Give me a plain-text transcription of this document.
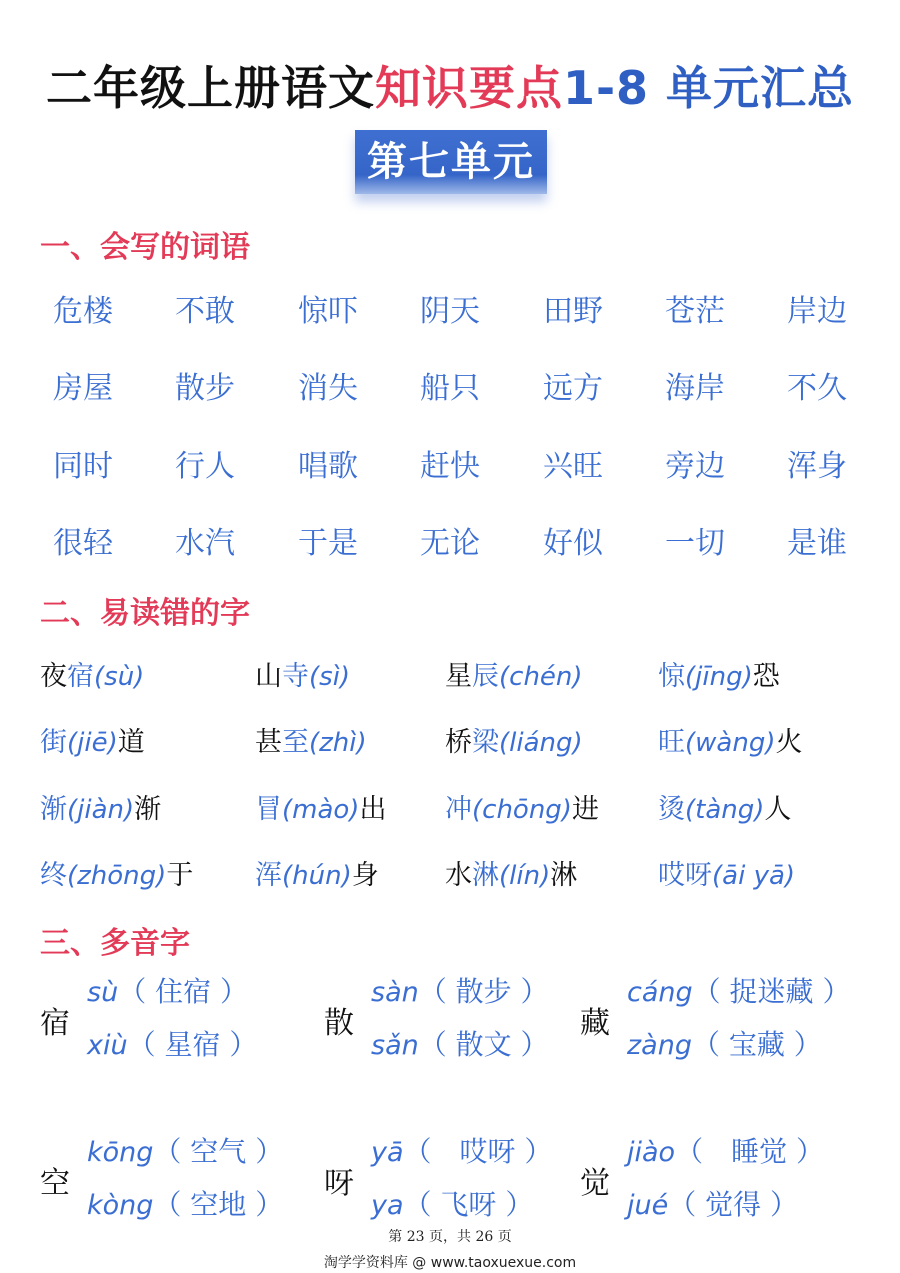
二年级上册语文知识要点1-8 单元汇总
第七单元
一、会写的词语
危楼	不敢	惊吓	阴天	田野	苍茫	岸边
房屋	散步	消失	船只	远方	海岸	不久
同时	行人	唱歌	赶快	兴旺	旁边	浑身
很轻	水汽	于是	无论	好似	一切	是谁
二、易读错的字
夜宿(sù)	山寺(sì)	星辰(chén)	惊(jīng)恐
街(jiē)道	甚至(zhì)	桥梁(liáng)	旺(wàng)火
渐(jiàn)渐	冒(mào)出 冲(chōng)进 烫(tàng)人
终(zhōng)于 浑(hún)身 水淋(lín)淋	哎呀(āi yā)
三、多音字
宿
sù（ 住宿 ）
xiù（ 星宿 ）
散
sàn（ 散步 ）
sǎn（ 散文 ）
藏
cáng（ 捉迷藏 ）
zàng（ 宝藏 ）
空
kōng（ 空气 ）
kòng（ 空地 ）
呀
yā（　哎呀 ）
ya（ 飞呀 ）
觉
jiào（　睡觉 ）
jué（ 觉得 ）
第 23 页，共 26 页
淘学学资料库 @ www.taoxuexue.com
